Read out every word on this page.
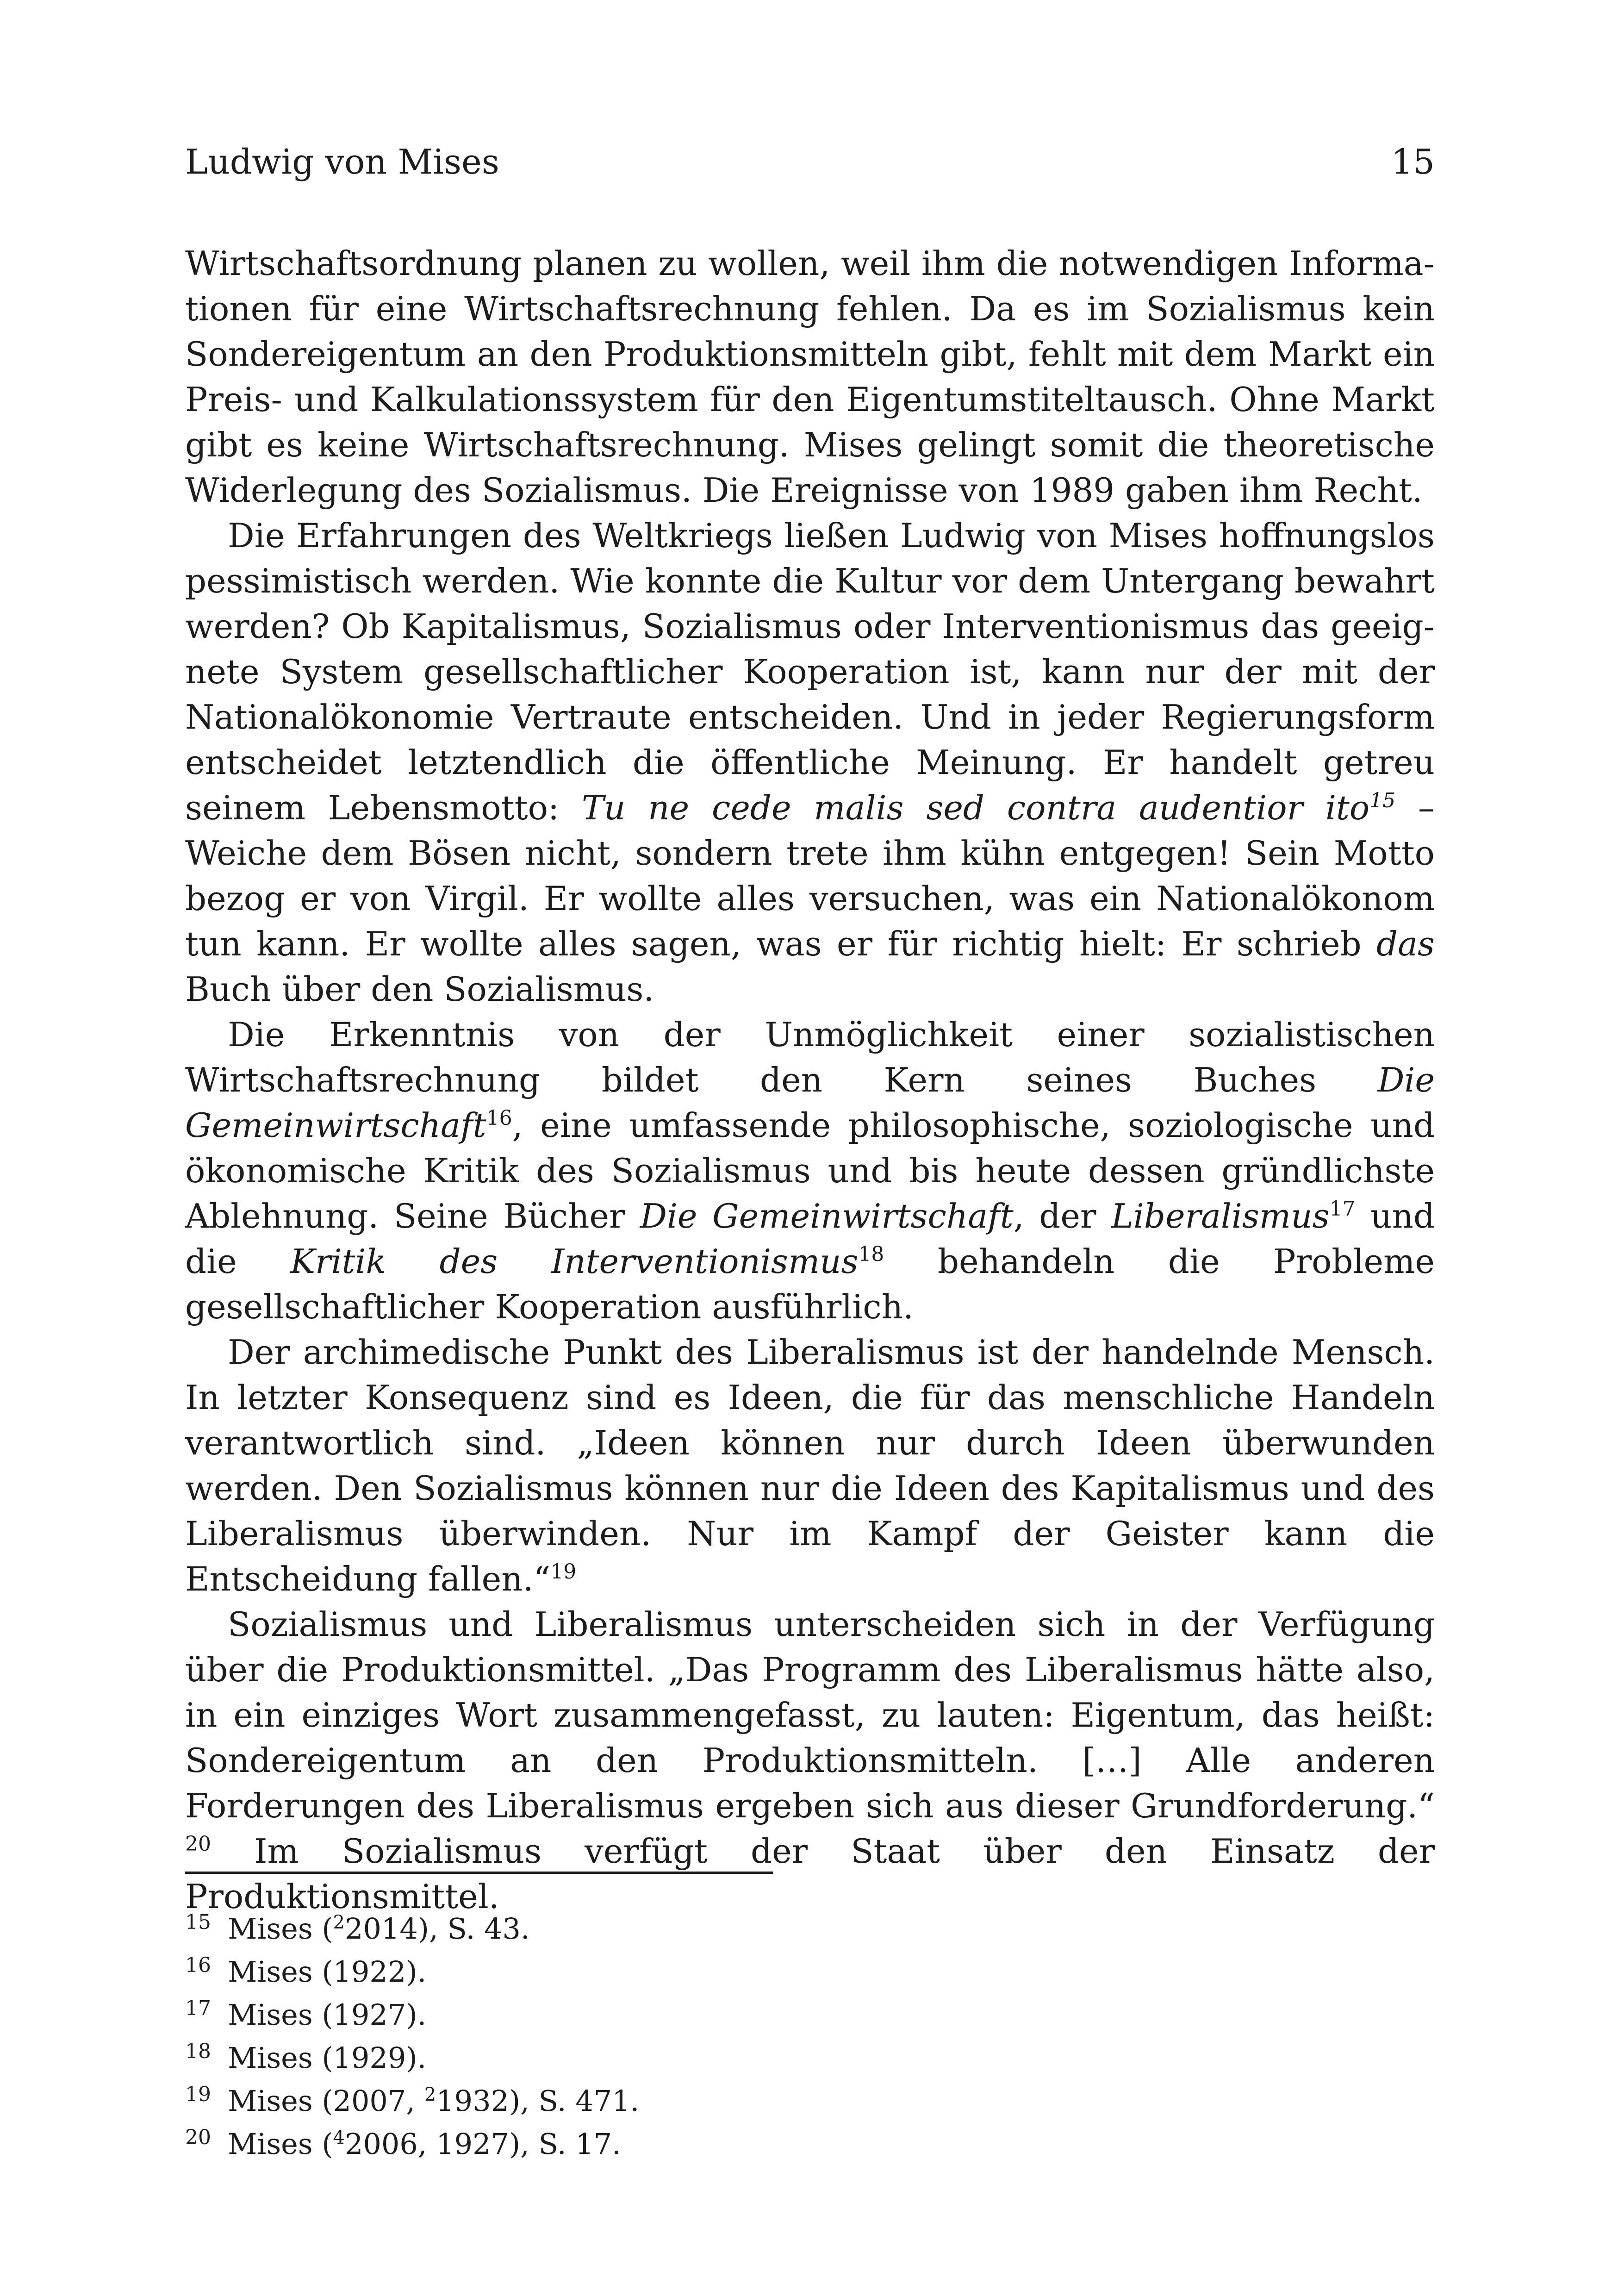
Ludwig von Mises	15

Wirtschaftsordnung planen zu wollen, weil ihm die notwendigen Informationen für eine Wirtschaftsrechnung fehlen. Da es im Sozialismus kein Sondereigentum an den Produktionsmitteln gibt, fehlt mit dem Markt ein Preis- und Kalkulationssystem für den Eigentumstiteltausch. Ohne Markt gibt es keine Wirtschaftsrechnung. Mises gelingt somit die theoretische Widerlegung des Sozialismus. Die Ereignisse von 1989 gaben ihm Recht.

Die Erfahrungen des Weltkriegs ließen Ludwig von Mises hoffnungslos pessimistisch werden. Wie konnte die Kultur vor dem Untergang bewahrt werden? Ob Kapitalismus, Sozialismus oder Interventionismus das geeignete System gesellschaftlicher Kooperation ist, kann nur der mit der Nationalökonomie Vertraute entscheiden. Und in jeder Regierungsform entscheidet letztendlich die öffentliche Meinung. Er handelt getreu seinem Lebensmotto: Tu ne cede malis sed contra audentior ito$^{15}$ – Weiche dem Bösen nicht, sondern trete ihm kühn entgegen! Sein Motto bezog er von Virgil. Er wollte alles versuchen, was ein Nationalökonom tun kann. Er wollte alles sagen, was er für richtig hielt: Er schrieb das Buch über den Sozialismus.

Die Erkenntnis von der Unmöglichkeit einer sozialistischen Wirtschaftsrechnung bildet den Kern seines Buches Die Gemeinwirtschaft$^{16}$, eine umfassende philosophische, soziologische und ökonomische Kritik des Sozialismus und bis heute dessen gründlichste Ablehnung. Seine Bücher Die Gemeinwirtschaft, der Liberalismus$^{17}$ und die Kritik des Interventionismus$^{18}$ behandeln die Probleme gesellschaftlicher Kooperation ausführlich.

Der archimedische Punkt des Liberalismus ist der handelnde Mensch. In letzter Konsequenz sind es Ideen, die für das menschliche Handeln verantwortlich sind. „Ideen können nur durch Ideen überwunden werden. Den Sozialismus können nur die Ideen des Kapitalismus und des Liberalismus überwinden. Nur im Kampf der Geister kann die Entscheidung fallen.“$^{19}$

Sozialismus und Liberalismus unterscheiden sich in der Verfügung über die Produktionsmittel. „Das Programm des Liberalismus hätte also, in ein einziges Wort zusammengefasst, zu lauten: Eigentum, das heißt: Sondereigentum an den Produktionsmitteln. […] Alle anderen Forderungen des Liberalismus ergeben sich aus dieser Grundforderung.“ $^{20}$ Im Sozialismus verfügt der Staat über den Einsatz der Produktionsmittel.

15 Mises ($^2$2014), S. 43.
16 Mises (1922).
17 Mises (1927).
18 Mises (1929).
19 Mises (2007, $^2$1932), S. 471.
20 Mises ($^4$2006, 1927), S. 17.
